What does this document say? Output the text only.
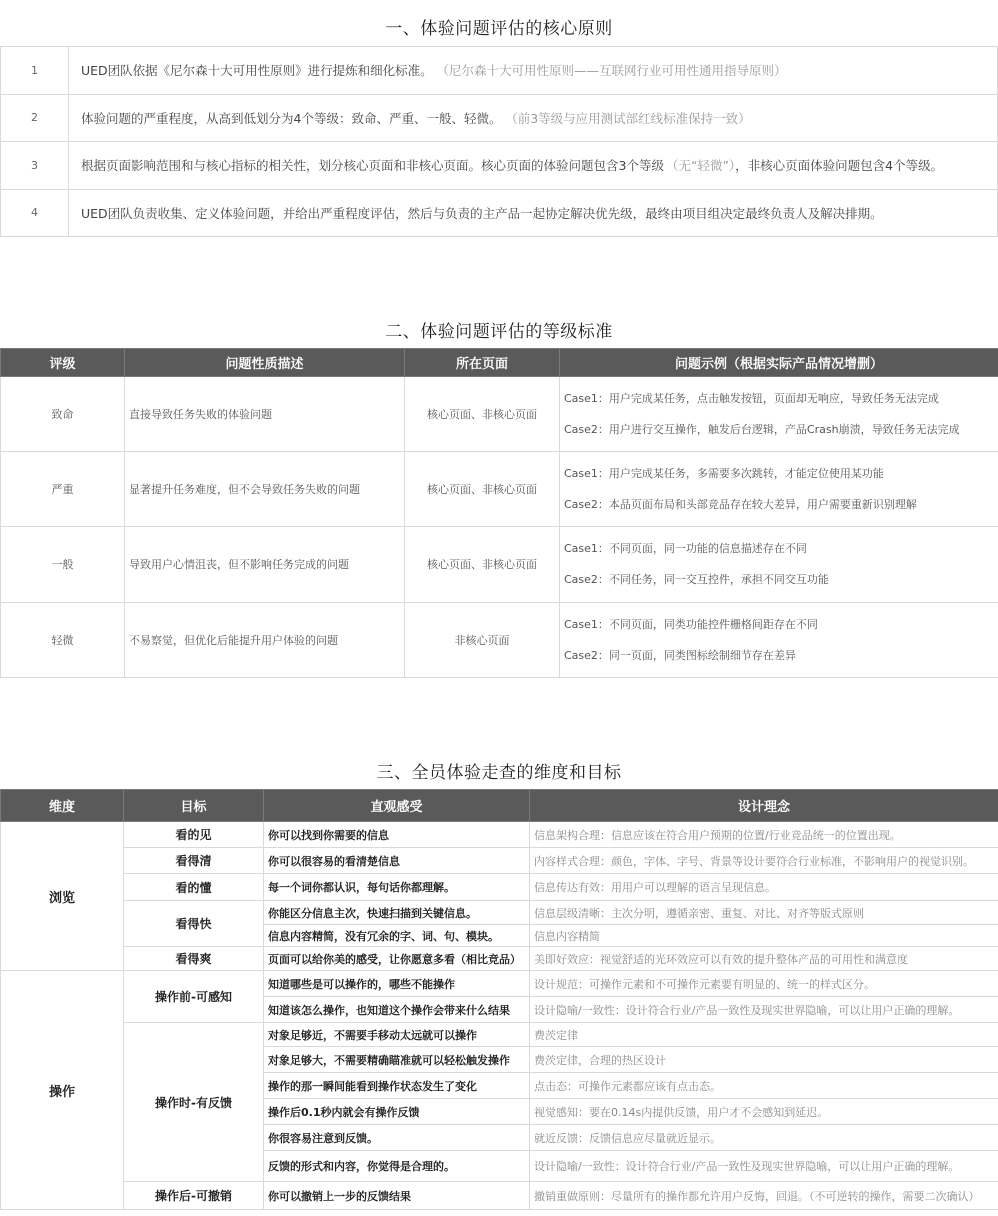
一、体验问题评估的核心原则
1	UED团队依据《尼尔森十大可用性原则》进行提炼和细化标准。 （尼尔森十大可用性原则——互联网行业可用性通用指导原则）
2	体验问题的严重程度，从高到低划分为4个等级：致命、严重、一般、轻微。 （前3等级与应用测试部红线标准保持一致）
3	根据页面影响范围和与核心指标的相关性，划分核心页面和非核心页面。核心页面的体验问题包含3个等级 （无“轻微”），非核心页面体验问题包含4个等级。
4	UED团队负责收集、定义体验问题，并给出严重程度评估，然后与负责的主产品一起协定解决优先级，最终由项目组决定最终负责人及解决排期。
二、体验问题评估的等级标准
评级	问题性质描述	所在页面	问题示例（根据实际产品情况增删）
致命	直接导致任务失败的体验问题	核心页面、非核心页面	Case1：用户完成某任务，点击触发按钮，页面却无响应，导致任务无法完成
Case2：用户进行交互操作，触发后台逻辑，产品Crash崩溃，导致任务无法完成

严重	显著提升任务难度，但不会导致任务失败的问题	核心页面、非核心页面	Case1：用户完成某任务，多需要多次跳转，才能定位使用某功能
Case2：本品页面布局和头部竞品存在较大差异，用户需要重新识别理解

一般	导致用户心情沮丧，但不影响任务完成的问题	核心页面、非核心页面	Case1：不同页面，同一功能的信息描述存在不同
Case2：不同任务，同一交互控件，承担不同交互功能

轻微	不易察觉，但优化后能提升用户体验的问题	非核心页面	Case1：不同页面，同类功能控件栅格间距存在不同
Case2：同一页面，同类图标绘制细节存在差异
三、全员体验走查的维度和目标
维度	目标	直观感受	设计理念
浏览	看的见	你可以找到你需要的信息	信息架构合理：信息应该在符合用户预期的位置/行业竞品统一的位置出现。
	看得清	你可以很容易的看清楚信息	内容样式合理：颜色，字体、字号、背景等设计要符合行业标准，不影响用户的视觉识别。
	看的懂	每一个词你都认识，每句话你都理解。	信息传达有效：用用户可以理解的语言呈现信息。
	看得快	你能区分信息主次，快速扫描到关键信息。	信息层级清晰：主次分明，遵循亲密、重复、对比、对齐等版式原则
		信息内容精简，没有冗余的字、词、句、模块。	信息内容精简
	看得爽	页面可以给你美的感受，让你愿意多看（相比竞品）	美即好效应：视觉舒适的光环效应可以有效的提升整体产品的可用性和满意度
操作	操作前-可感知	知道哪些是可以操作的，哪些不能操作	设计规范：可操作元素和不可操作元素要有明显的、统一的样式区分。
		知道该怎么操作，也知道这个操作会带来什么结果	设计隐喻/一致性：设计符合行业/产品一致性及现实世界隐喻，可以让用户正确的理解。
	操作时-有反馈	对象足够近，不需要手移动太远就可以操作	费茨定律
		对象足够大，不需要精确瞄准就可以轻松触发操作	费茨定律，合理的热区设计
		操作的那一瞬间能看到操作状态发生了变化	点击态：可操作元素都应该有点击态。
		操作后0.1秒内就会有操作反馈	视觉感知：要在0.14s内提供反馈，用户才不会感知到延迟。
		你很容易注意到反馈。	就近反馈：反馈信息应尽量就近显示。
		反馈的形式和内容，你觉得是合理的。	设计隐喻/一致性：设计符合行业/产品一致性及现实世界隐喻，可以让用户正确的理解。
	操作后-可撤销	你可以撤销上一步的反馈结果	撤销重做原则：尽量所有的操作都允许用户反悔，回退。（不可逆转的操作，需要二次确认）
